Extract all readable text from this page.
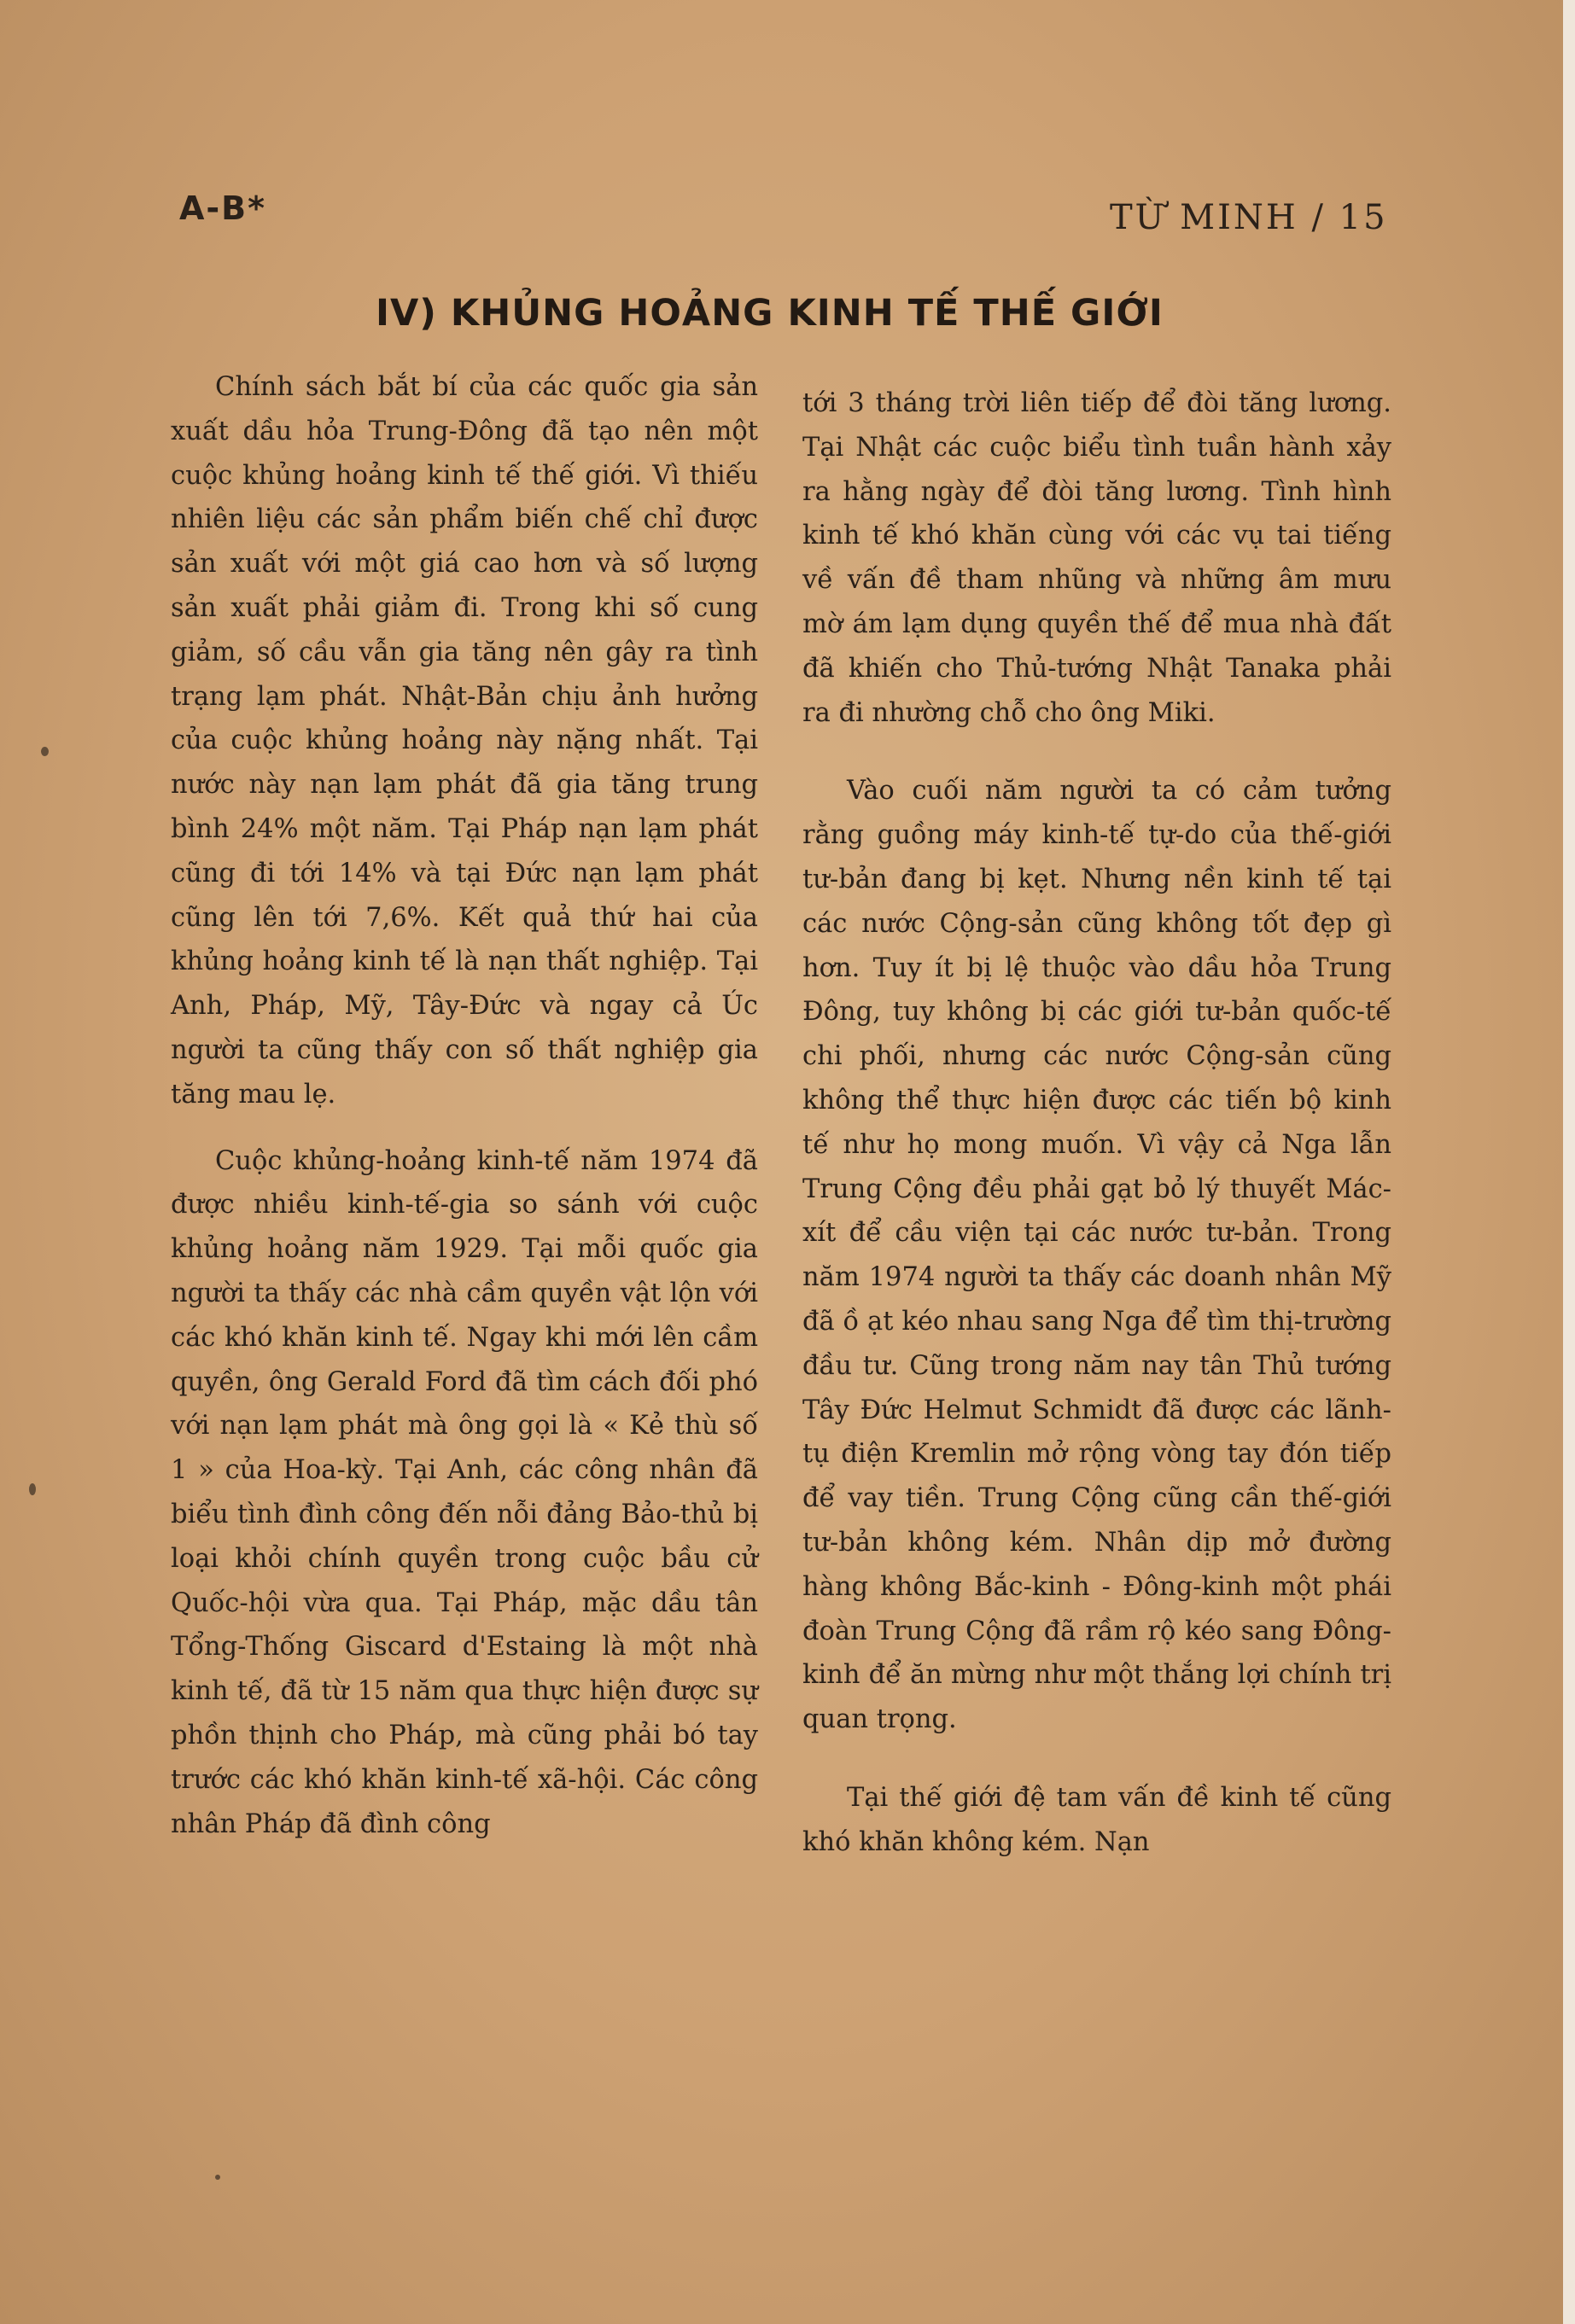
A-B*	TỪ MINH / 15
IV) KHỦNG HOẢNG KINH TẾ THẾ GIỚI

Chính sách bắt bí của các quốc gia sản xuất dầu hỏa Trung-Đông đã tạo nên một cuộc khủng hoảng kinh tế thế giới. Vì thiếu nhiên liệu các sản phẩm biến chế chỉ được sản xuất với một giá cao hơn và số lượng sản xuất phải giảm đi. Trong khi số cung giảm, số cầu vẫn gia tăng nên gây ra tình trạng lạm phát. Nhật-Bản chịu ảnh hưởng của cuộc khủng hoảng này nặng nhất. Tại nước này nạn lạm phát đã gia tăng trung bình 24% một năm. Tại Pháp nạn lạm phát cũng đi tới 14% và tại Đức nạn lạm phát cũng lên tới 7,6%. Kết quả thứ hai của khủng hoảng kinh tế là nạn thất nghiệp. Tại Anh, Pháp, Mỹ, Tây-Đức và ngay cả Úc người ta cũng thấy con số thất nghiệp gia tăng mau lẹ.

Cuộc khủng-hoảng kinh-tế năm 1974 đã được nhiều kinh-tế-gia so sánh với cuộc khủng hoảng năm 1929. Tại mỗi quốc gia người ta thấy các nhà cầm quyền vật lộn với các khó khăn kinh tế. Ngay khi mới lên cầm quyền, ông Gerald Ford đã tìm cách đối phó với nạn lạm phát mà ông gọi là « Kẻ thù số 1 » của Hoa-kỳ. Tại Anh, các công nhân đã biểu tình đình công đến nỗi đảng Bảo-thủ bị loại khỏi chính quyền trong cuộc bầu cử Quốc-hội vừa qua. Tại Pháp, mặc dầu tân Tổng-Thống Giscard d'Estaing là một nhà kinh tế, đã từ 15 năm qua thực hiện được sự phồn thịnh cho Pháp, mà cũng phải bó tay trước các khó khăn kinh-tế xã-hội. Các công nhân Pháp đã đình công

tới 3 tháng trời liên tiếp để đòi tăng lương. Tại Nhật các cuộc biểu tình tuần hành xảy ra hằng ngày để đòi tăng lương. Tình hình kinh tế khó khăn cùng với các vụ tai tiếng về vấn đề tham nhũng và những âm mưu mờ ám lạm dụng quyền thế để mua nhà đất đã khiến cho Thủ-tướng Nhật Tanaka phải ra đi nhường chỗ cho ông Miki.

Vào cuối năm người ta có cảm tưởng rằng guồng máy kinh-tế tự-do của thế-giới tư-bản đang bị kẹt. Nhưng nền kinh tế tại các nước Cộng-sản cũng không tốt đẹp gì hơn. Tuy ít bị lệ thuộc vào dầu hỏa Trung Đông, tuy không bị các giới tư-bản quốc-tế chi phối, nhưng các nước Cộng-sản cũng không thể thực hiện được các tiến bộ kinh tế như họ mong muốn. Vì vậy cả Nga lẫn Trung Cộng đều phải gạt bỏ lý thuyết Mác-xít để cầu viện tại các nước tư-bản. Trong năm 1974 người ta thấy các doanh nhân Mỹ đã ồ ạt kéo nhau sang Nga để tìm thị-trường đầu tư. Cũng trong năm nay tân Thủ tướng Tây Đức Helmut Schmidt đã được các lãnh-tụ điện Kremlin mở rộng vòng tay đón tiếp để vay tiền. Trung Cộng cũng cần thế-giới tư-bản không kém. Nhân dịp mở đường hàng không Bắc-kinh - Đông-kinh một phái đoàn Trung Cộng đã rầm rộ kéo sang Đông-kinh để ăn mừng như một thắng lợi chính trị quan trọng.

Tại thế giới đệ tam vấn đề kinh tế cũng khó khăn không kém. Nạn
